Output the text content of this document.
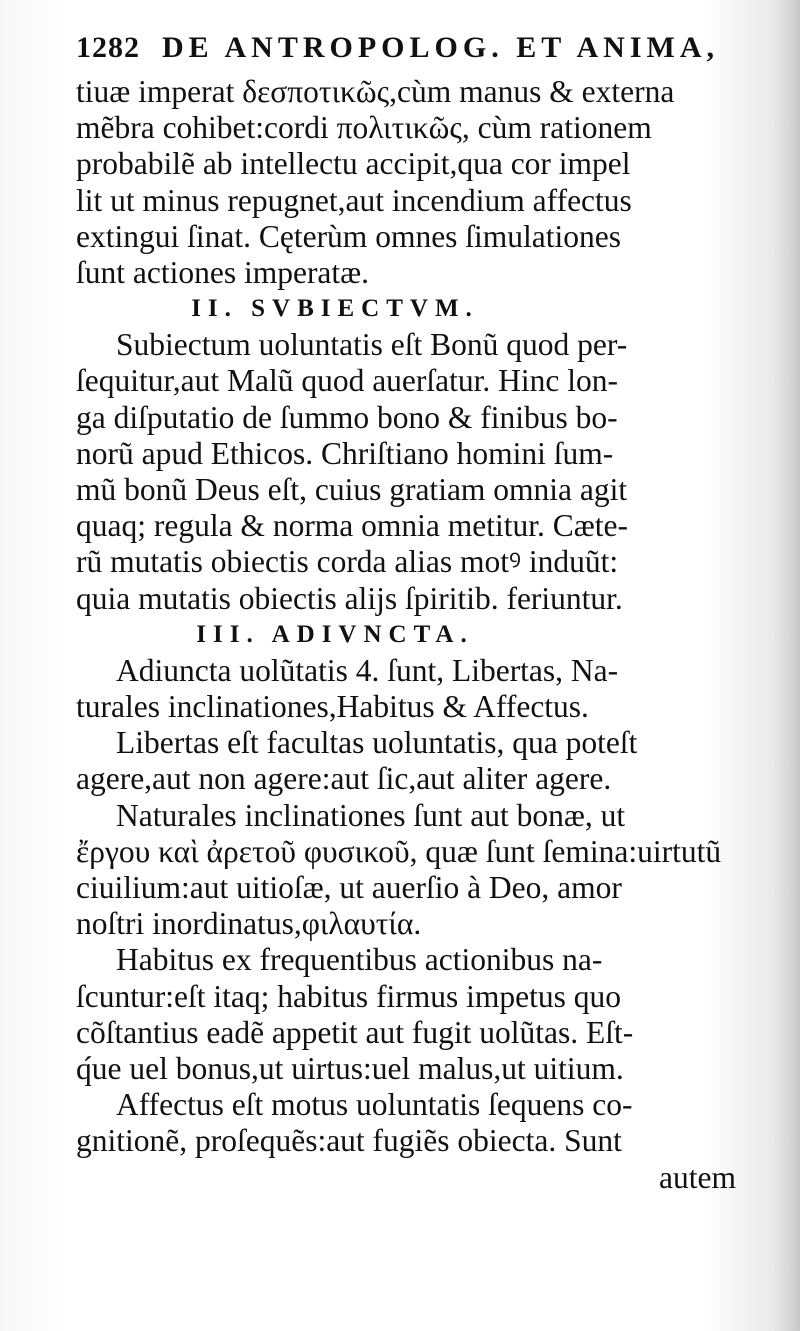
1282 DE ANTROPOLOG. ET ANIMA,
tiuæ imperat δεσποτικῶς,cùm manus & externa
mẽbra cohibet:cordi πολιτικῶς, cùm rationem
probabilẽ ab intellectu accipit,qua cor impel
lit ut minus repugnet,aut incendium affectus
extingui ſinat. Cęterùm omnes ſimulationes
ſunt actiones imperatæ.
II. SVBIECTVM.
Subiectum uoluntatis eſt Bonũ quod per-
ſequitur,aut Malũ quod auerſatur. Hinc lon-
ga diſputatio de ſummo bono & finibus bo-
norũ apud Ethicos. Chriſtiano homini ſum-
mũ bonũ Deus eſt, cuius gratiam omnia agit
quaq; regula & norma omnia metitur. Cæte-
rũ mutatis obiectis corda alias motꝰ induũt:
quia mutatis obiectis alijs ſpiritib. feriuntur.
III. ADIVNCTA.
Adiuncta uolũtatis 4. ſunt, Libertas, Na-
turales inclinationes,Habitus & Affectus.
Libertas eſt facultas uoluntatis, qua poteſt
agere,aut non agere:aut ſic,aut aliter agere.
Naturales inclinationes ſunt aut bonæ, ut
ἔργου καὶ ἀρετοῦ φυσικοῦ, quæ ſunt ſemina:uirtutũ
ciuilium:aut uitioſæ, ut auerſio à Deo, amor
noſtri inordinatus,φιλαυτία.
Habitus ex frequentibus actionibus na-
ſcuntur:eſt itaq; habitus firmus impetus quo
cõſtantius eadẽ appetit aut fugit uolũtas. Eſt-
q́ue uel bonus,ut uirtus:uel malus,ut uitium.
Affectus eſt motus uoluntatis ſequens co-
gnitionẽ, proſequẽs:aut fugiẽs obiecta. Sunt
autem
